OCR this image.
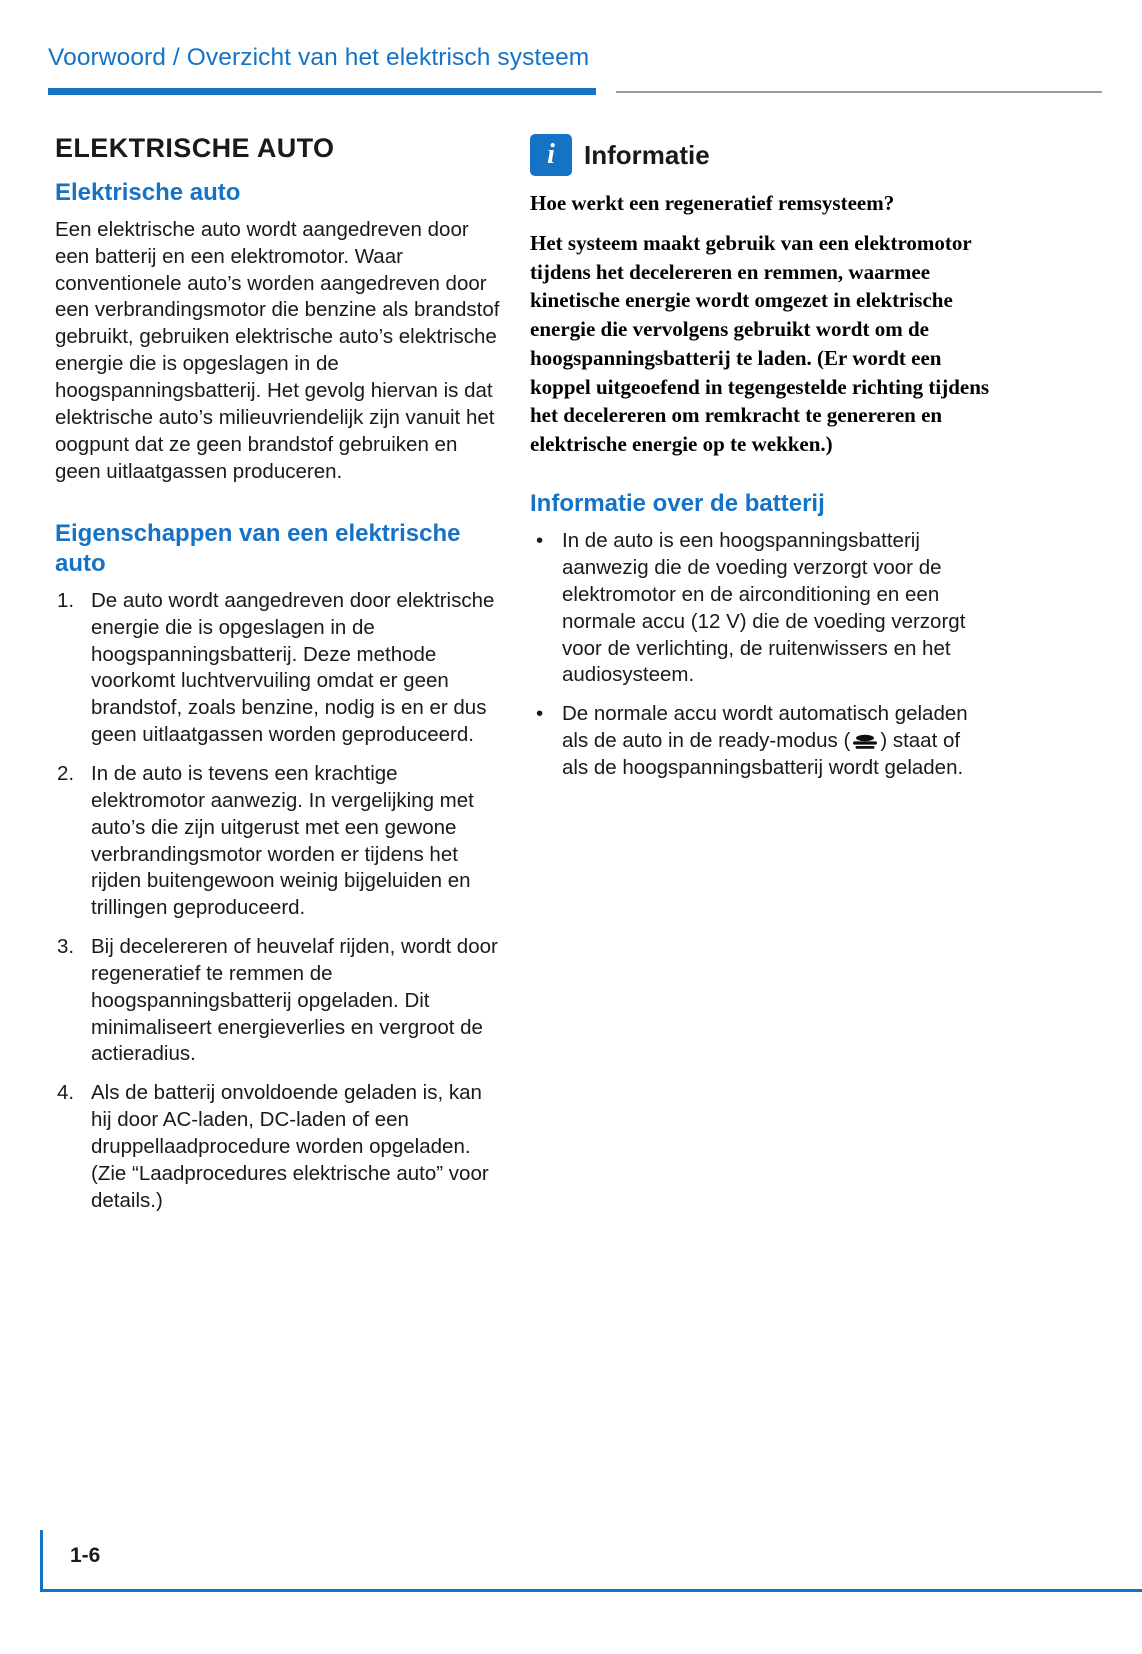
Voorwoord / Overzicht van het elektrisch systeem
ELEKTRISCHE AUTO
Elektrische auto

Een elektrische auto wordt aangedreven door een batterij en een elektromotor. Waar conventionele auto’s worden aangedreven door een verbrandingsmotor die benzine als brandstof gebruikt, gebruiken elektrische auto’s elektrische energie die is opgeslagen in de hoogspanningsbatterij. Het gevolg hiervan is dat elektrische auto’s milieuvriendelijk zijn vanuit het oogpunt dat ze geen brandstof gebruiken en geen uitlaatgassen produceren.

Eigenschappen van een elektrische auto
1. De auto wordt aangedreven door elektrische energie die is opgeslagen in de hoogspanningsbatterij. Deze methode voorkomt luchtvervuiling omdat er geen brandstof, zoals benzine, nodig is en er dus geen uitlaatgassen worden geproduceerd.
2. In de auto is tevens een krachtige elektromotor aanwezig. In vergelijking met auto’s die zijn uitgerust met een gewone verbrandingsmotor worden er tijdens het rijden buitengewoon weinig bijgeluiden en trillingen geproduceerd.
3. Bij decelereren of heuvelaf rijden, wordt door regeneratief te remmen de hoogspanningsbatterij opgeladen. Dit minimaliseert energieverlies en vergroot de actieradius.
4. Als de batterij onvoldoende geladen is, kan hij door AC-laden, DC-laden of een druppellaadprocedure worden opgeladen. (Zie “Laadprocedures elektrische auto” voor details.)
i	Informatie

Hoe werkt een regeneratief remsysteem?

Het systeem maakt gebruik van een elektromotor tijdens het decelereren en remmen, waarmee kinetische energie wordt omgezet in elektrische energie die vervolgens gebruikt wordt om de hoogspanningsbatterij te laden. (Er wordt een koppel uitgeoefend in tegengestelde richting tijdens het decelereren om remkracht te genereren en elektrische energie op te wekken.)

Informatie over de batterij
• In de auto is een hoogspanningsbatterij aanwezig die de voeding verzorgt voor de elektromotor en de airconditioning en een normale accu (12 V) die de voeding verzorgt voor de verlichting, de ruitenwissers en het audiosysteem.
• De normale accu wordt automatisch geladen als de auto in de ready-modus ( ) staat of als de hoogspanningsbatterij wordt geladen.
1-6
